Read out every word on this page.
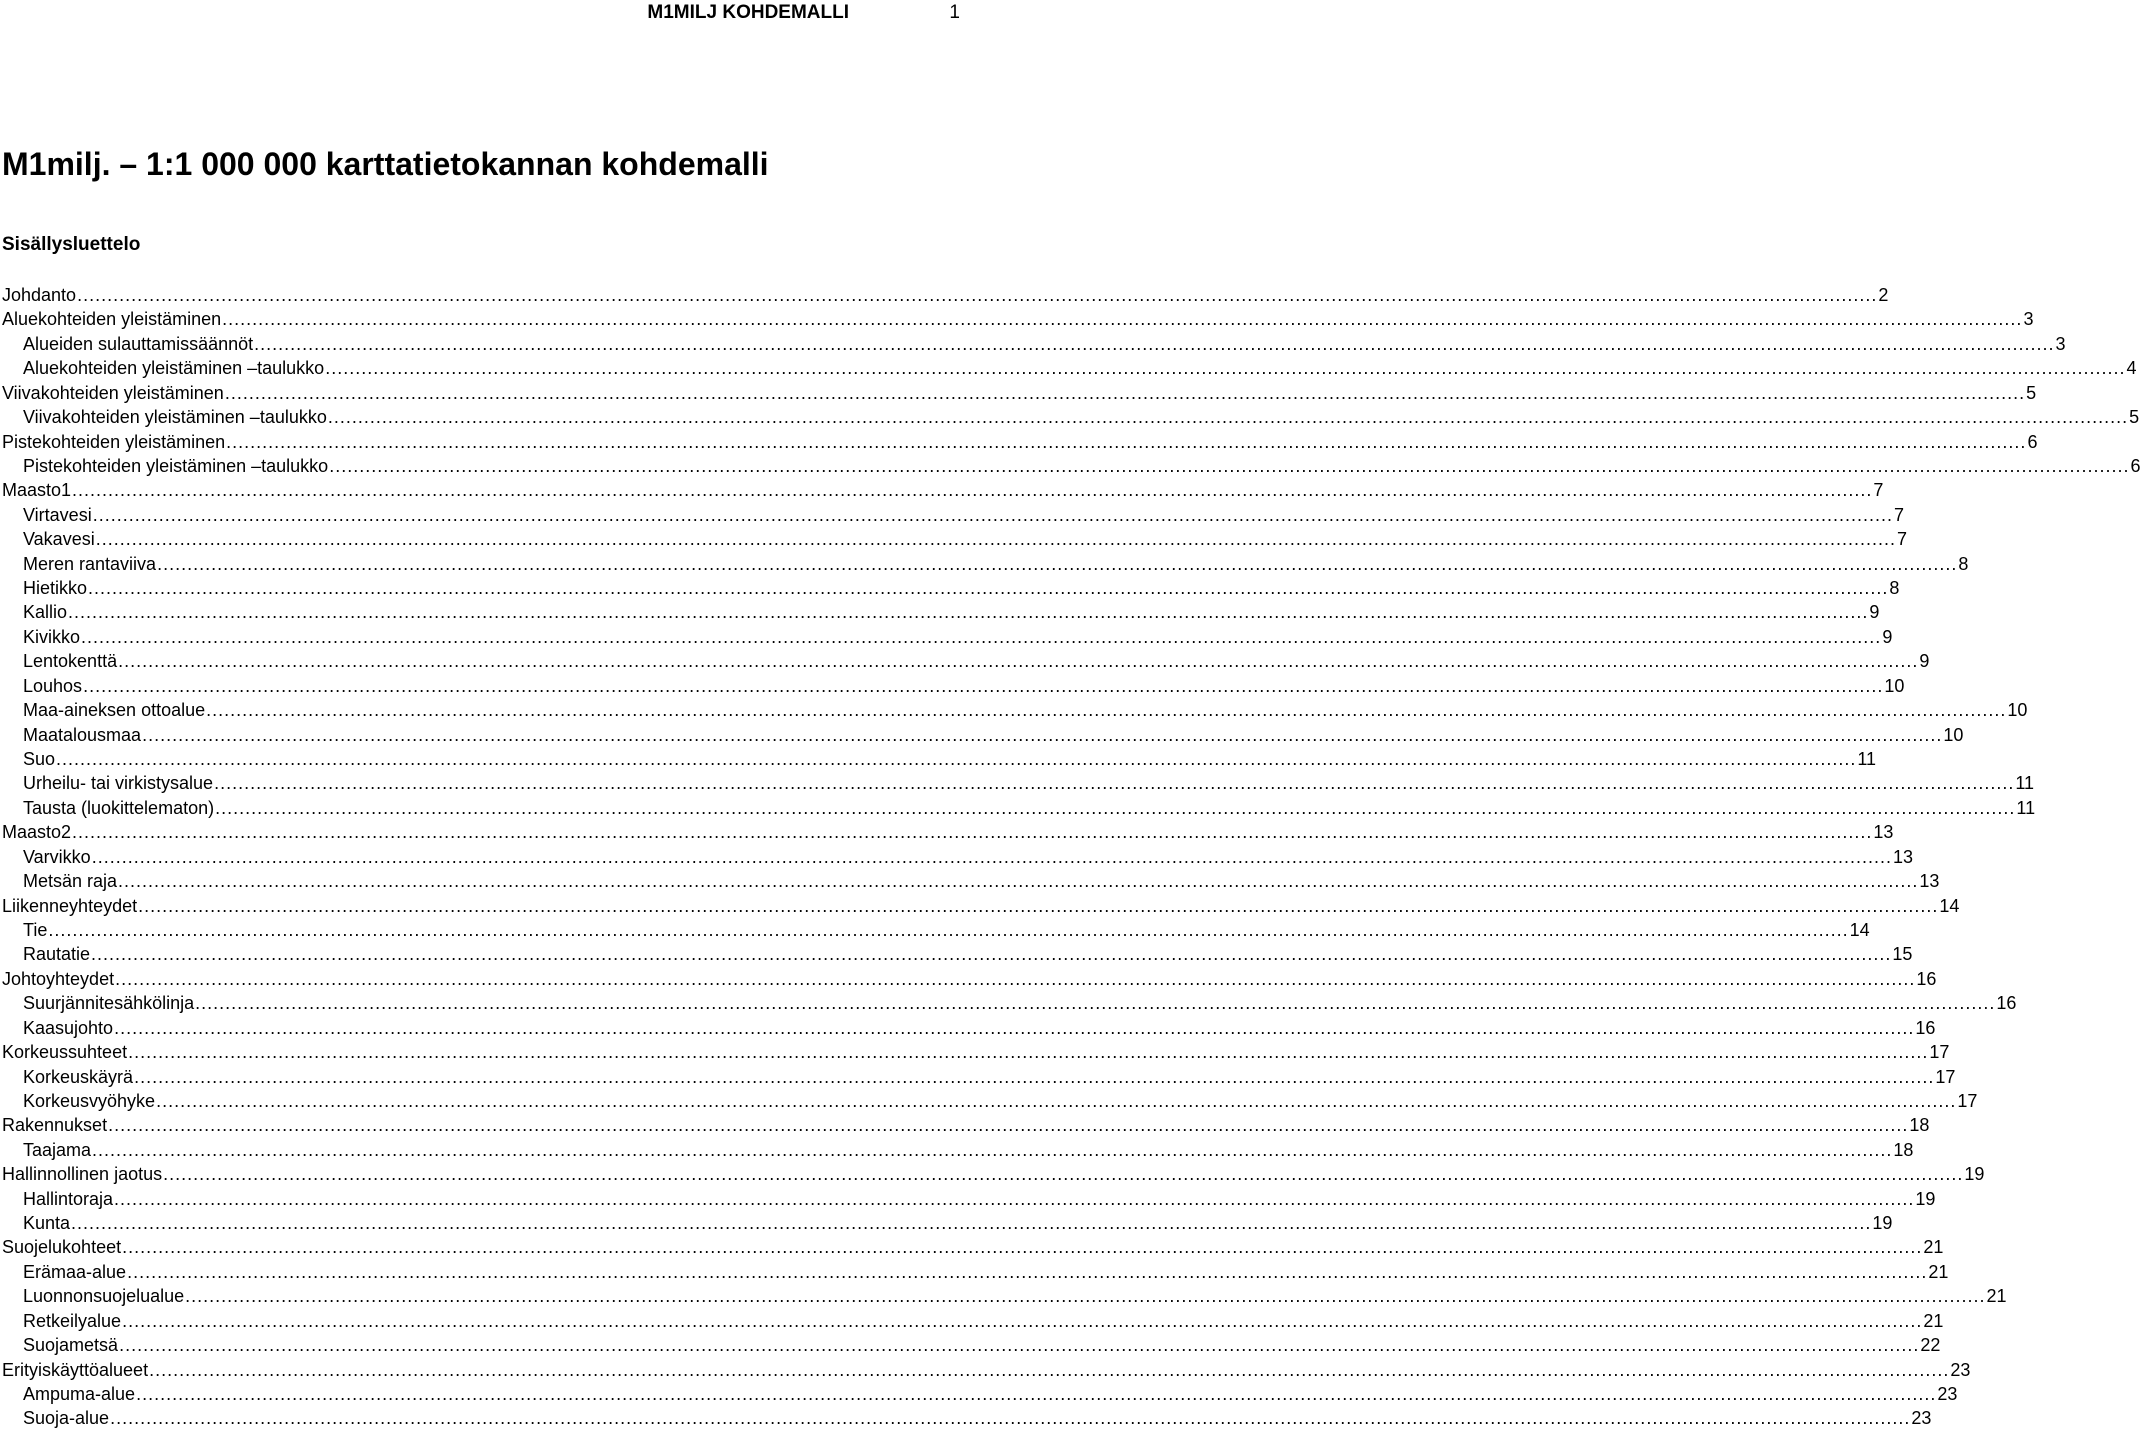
M1MILJ KOHDEMALLI	1
M1milj. – 1:1 000 000 karttatietokannan kohdemalli
Sisällysluettelo
Johdanto ............................................................................................................................................................................................................................................................................................................ 2
Aluekohteiden yleistäminen ............................................................................................................................................................................................................................................................................................................ 3
Alueiden sulauttamissäännöt ............................................................................................................................................................................................................................................................................................................ 3
Aluekohteiden yleistäminen –taulukko ............................................................................................................................................................................................................................................................................................................ 4
Viivakohteiden yleistäminen ............................................................................................................................................................................................................................................................................................................ 5
Viivakohteiden yleistäminen –taulukko ............................................................................................................................................................................................................................................................................................................ 5
Pistekohteiden yleistäminen ............................................................................................................................................................................................................................................................................................................ 6
Pistekohteiden yleistäminen –taulukko ............................................................................................................................................................................................................................................................................................................ 6
Maasto1 ............................................................................................................................................................................................................................................................................................................ 7
Virtavesi ............................................................................................................................................................................................................................................................................................................ 7
Vakavesi ............................................................................................................................................................................................................................................................................................................ 7
Meren rantaviiva ............................................................................................................................................................................................................................................................................................................ 8
Hietikko ............................................................................................................................................................................................................................................................................................................ 8
Kallio ............................................................................................................................................................................................................................................................................................................ 9
Kivikko ............................................................................................................................................................................................................................................................................................................ 9
Lentokenttä ............................................................................................................................................................................................................................................................................................................ 9
Louhos ............................................................................................................................................................................................................................................................................................................ 10
Maa-aineksen ottoalue ............................................................................................................................................................................................................................................................................................................ 10
Maatalousmaa ............................................................................................................................................................................................................................................................................................................ 10
Suo ............................................................................................................................................................................................................................................................................................................ 11
Urheilu- tai virkistysalue ............................................................................................................................................................................................................................................................................................................ 11
Tausta (luokittelematon) ............................................................................................................................................................................................................................................................................................................ 11
Maasto2 ............................................................................................................................................................................................................................................................................................................ 13
Varvikko ............................................................................................................................................................................................................................................................................................................ 13
Metsän raja ............................................................................................................................................................................................................................................................................................................ 13
Liikenneyhteydet ............................................................................................................................................................................................................................................................................................................ 14
Tie ............................................................................................................................................................................................................................................................................................................ 14
Rautatie ............................................................................................................................................................................................................................................................................................................ 15
Johtoyhteydet ............................................................................................................................................................................................................................................................................................................ 16
Suurjännitesähkölinja ............................................................................................................................................................................................................................................................................................................ 16
Kaasujohto ............................................................................................................................................................................................................................................................................................................ 16
Korkeussuhteet ............................................................................................................................................................................................................................................................................................................ 17
Korkeuskäyrä ............................................................................................................................................................................................................................................................................................................ 17
Korkeusvyöhyke ............................................................................................................................................................................................................................................................................................................ 17
Rakennukset ............................................................................................................................................................................................................................................................................................................ 18
Taajama ............................................................................................................................................................................................................................................................................................................ 18
Hallinnollinen jaotus ............................................................................................................................................................................................................................................................................................................ 19
Hallintoraja ............................................................................................................................................................................................................................................................................................................ 19
Kunta ............................................................................................................................................................................................................................................................................................................ 19
Suojelukohteet ............................................................................................................................................................................................................................................................................................................ 21
Erämaa-alue ............................................................................................................................................................................................................................................................................................................ 21
Luonnonsuojelualue ............................................................................................................................................................................................................................................................................................................ 21
Retkeilyalue ............................................................................................................................................................................................................................................................................................................ 21
Suojametsä ............................................................................................................................................................................................................................................................................................................ 22
Erityiskäyttöalueet ............................................................................................................................................................................................................................................................................................................ 23
Ampuma-alue ............................................................................................................................................................................................................................................................................................................ 23
Suoja-alue ............................................................................................................................................................................................................................................................................................................ 23
